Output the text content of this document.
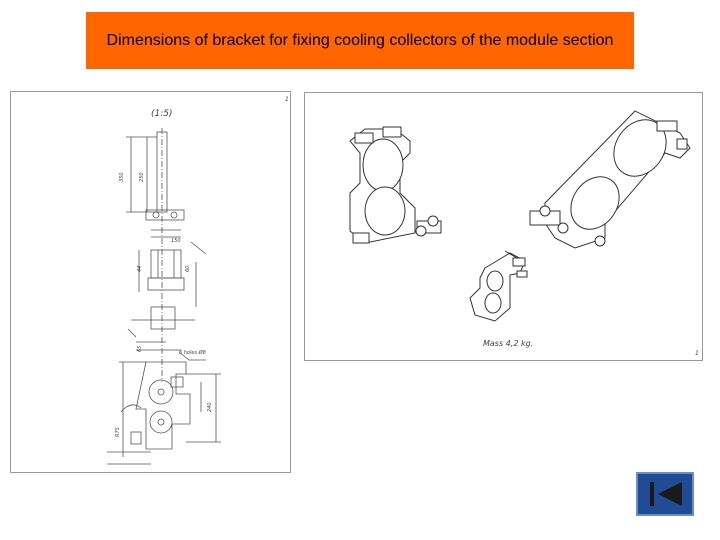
Dimensions of bracket for fixing cooling collectors of the module section
(1:5)
1
350	250
150
44	60
65
5 holes Ø8
240
R75
1
Mass 4,2 kg.
